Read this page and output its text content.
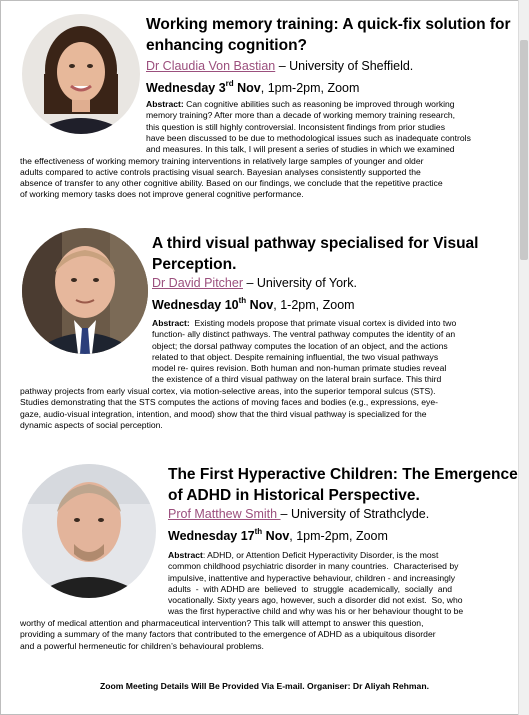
Working memory training: A quick-fix solution for
enhancing cognition?
Dr Claudia Von Bastian – University of Sheffield.
Wednesday 3rd Nov, 1pm-2pm, Zoom
Abstract: Can cognitive abilities such as reasoning be improved through working
memory training? After more than a decade of working memory training research,
this question is still highly controversial. Inconsistent findings from prior studies
have been discussed to be due to methodological issues such as inadequate controls
and measures. In this talk, I will present a series of studies in which we examined
the effectiveness of working memory training interventions in relatively large samples of younger and older
adults compared to active controls practising visual search. Bayesian analyses consistently supported the
absence of transfer to any other cognitive ability. Based on our findings, we conclude that the repetitive practice
of working memory tasks does not improve general cognitive performance.
A third visual pathway specialised for Visual
Perception.
Dr David Pitcher – University of York.
Wednesday 10th Nov, 1-2pm, Zoom
Abstract:  Existing models propose that primate visual cortex is divided into two
function- ally distinct pathways. The ventral pathway computes the identity of an
object; the dorsal pathway computes the location of an object, and the actions
related to that object. Despite remaining influential, the two visual pathways
model re- quires revision. Both human and non-human primate studies reveal
the existence of a third visual pathway on the lateral brain surface. This third
pathway projects from early visual cortex, via motion-selective areas, into the superior temporal sulcus (STS).
Studies demonstrating that the STS computes the actions of moving faces and bodies (e.g., expressions, eye-
gaze, audio-visual integration, intention, and mood) show that the third visual pathway is specialized for the
dynamic aspects of social perception.
The First Hyperactive Children: The Emergence
of ADHD in Historical Perspective.
Prof Matthew Smith – University of Strathclyde.
Wednesday 17th Nov, 1pm-2pm, Zoom
Abstract: ADHD, or Attention Deficit Hyperactivity Disorder, is the most
common childhood psychiatric disorder in many countries.  Characterised by
impulsive, inattentive and hyperactive behaviour, children - and increasingly
adults  -  with ADHD are  believed  to  struggle  academically,  socially  and
vocationally. Sixty years ago, however, such a disorder did not exist.  So, who
was the first hyperactive child and why was his or her behaviour thought to be
worthy of medical attention and pharmaceutical intervention? This talk will attempt to answer this question,
providing a summary of the many factors that contributed to the emergence of ADHD as a ubiquitous disorder
and a powerful hermeneutic for children’s behavioural problems.
Zoom Meeting Details Will Be Provided Via E-mail. Organiser: Dr Aliyah Rehman.
